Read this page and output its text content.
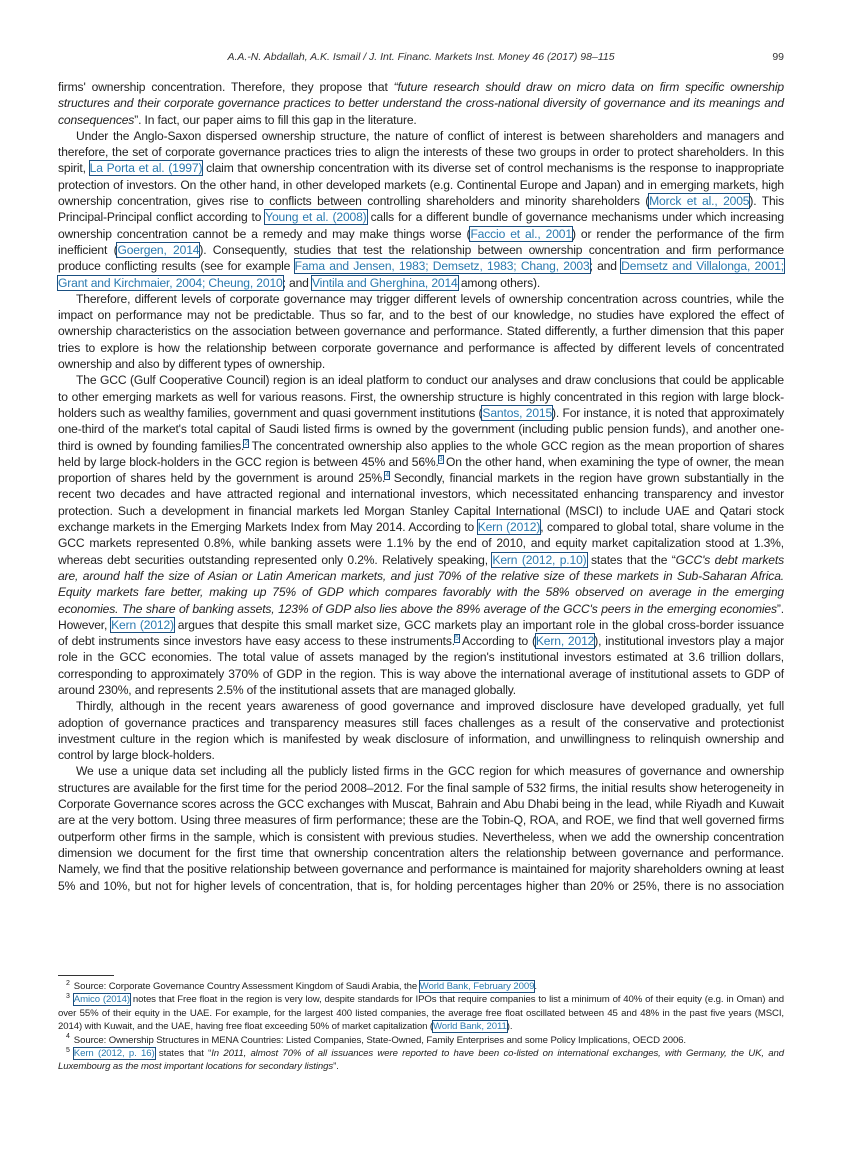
A.A.-N. Abdallah, A.K. Ismail / J. Int. Financ. Markets Inst. Money 46 (2017) 98–115	99

firms' ownership concentration. Therefore, they propose that “future research should draw on micro data on firm specific ownership structures and their corporate governance practices to better understand the cross-national diversity of governance and its meanings and consequences”. In fact, our paper aims to fill this gap in the literature.

Under the Anglo-Saxon dispersed ownership structure, the nature of conflict of interest is between shareholders and managers and therefore, the set of corporate governance practices tries to align the interests of these two groups in order to protect shareholders. In this spirit, La Porta et al. (1997) claim that ownership concentration with its diverse set of control mechanisms is the response to inappropriate protection of investors. On the other hand, in other developed markets (e.g. Continental Europe and Japan) and in emerging markets, high ownership concentration, gives rise to conflicts between controlling shareholders and minority shareholders (Morck et al., 2005). This Principal-Principal conflict according to Young et al. (2008) calls for a different bundle of governance mechanisms under which increasing ownership concentration cannot be a remedy and may make things worse (Faccio et al., 2001) or render the performance of the firm inefficient (Goergen, 2014). Consequently, studies that test the relationship between ownership concentration and firm performance produce conflicting results (see for example Fama and Jensen, 1983; Demsetz, 1983; Chang, 2003; and Demsetz and Villalonga, 2001; Grant and Kirchmaier, 2004; Cheung, 2010; and Vintila and Gherghina, 2014 among others).

Therefore, different levels of corporate governance may trigger different levels of ownership concentration across countries, while the impact on performance may not be predictable. Thus so far, and to the best of our knowledge, no studies have explored the effect of ownership characteristics on the association between governance and performance. Stated differently, a further dimension that this paper tries to explore is how the relationship between corporate governance and performance is affected by different levels of concentrated ownership and also by different types of ownership.

The GCC (Gulf Cooperative Council) region is an ideal platform to conduct our analyses and draw conclusions that could be applicable to other emerging markets as well for various reasons. First, the ownership structure is highly concentrated in this region with large block-holders such as wealthy families, government and quasi government institutions (Santos, 2015). For instance, it is noted that approximately one-third of the market's total capital of Saudi listed firms is owned by the government (including public pension funds), and another one-third is owned by founding families.$^2$ The concentrated ownership also applies to the whole GCC region as the mean proportion of shares held by large block-holders in the GCC region is between 45% and 56%.$^3$ On the other hand, when examining the type of owner, the mean proportion of shares held by the government is around 25%.$^4$ Secondly, financial markets in the region have grown substantially in the recent two decades and have attracted regional and international investors, which necessitated enhancing transparency and investor protection. Such a development in financial markets led Morgan Stanley Capital International (MSCI) to include UAE and Qatari stock exchange markets in the Emerging Markets Index from May 2014. According to Kern (2012), compared to global total, share volume in the GCC markets represented 0.8%, while banking assets were 1.1% by the end of 2010, and equity market capitalization stood at 1.3%, whereas debt securities outstanding represented only 0.2%. Relatively speaking, Kern (2012, p.10) states that the “GCC's debt markets are, around half the size of Asian or Latin American markets, and just 70% of the relative size of these markets in Sub-Saharan Africa. Equity markets fare better, making up 75% of GDP which compares favorably with the 58% observed on average in the emerging economies. The share of banking assets, 123% of GDP also lies above the 89% average of the GCC's peers in the emerging economies”. However, Kern (2012) argues that despite this small market size, GCC markets play an important role in the global cross-border issuance of debt instruments since investors have easy access to these instruments.$^5$ According to (Kern, 2012), institutional investors play a major role in the GCC economies. The total value of assets managed by the region's institutional investors estimated at 3.6 trillion dollars, corresponding to approximately 370% of GDP in the region. This is way above the international average of institutional assets to GDP of around 230%, and represents 2.5% of the institutional assets that are managed globally.

Thirdly, although in the recent years awareness of good governance and improved disclosure have developed gradually, yet full adoption of governance practices and transparency measures still faces challenges as a result of the conservative and protectionist investment culture in the region which is manifested by weak disclosure of information, and unwillingness to relinquish ownership and control by large block-holders.

We use a unique data set including all the publicly listed firms in the GCC region for which measures of governance and ownership structures are available for the first time for the period 2008–2012. For the final sample of 532 firms, the initial results show heterogeneity in Corporate Governance scores across the GCC exchanges with Muscat, Bahrain and Abu Dhabi being in the lead, while Riyadh and Kuwait are at the very bottom. Using three measures of firm performance; these are the Tobin-Q, ROA, and ROE, we find that well governed firms outperform other firms in the sample, which is consistent with previous studies. Nevertheless, when we add the ownership concentration dimension we document for the first time that ownership concentration alters the relationship between governance and performance. Namely, we find that the positive relationship between governance and performance is maintained for majority shareholders owning at least 5% and 10%, but not for higher levels of concentration, that is, for holding percentages higher than 20% or 25%, there is no association

$^2$ Source: Corporate Governance Country Assessment Kingdom of Saudi Arabia, the World Bank, February 2009.

$^3$ Amico (2014) notes that Free float in the region is very low, despite standards for IPOs that require companies to list a minimum of 40% of their equity (e.g. in Oman) and over 55% of their equity in the UAE. For example, for the largest 400 listed companies, the average free float oscillated between 45 and 48% in the past five years (MSCI, 2014) with Kuwait, and the UAE, having free float exceeding 50% of market capitalization (World Bank, 2011).

$^4$ Source: Ownership Structures in MENA Countries: Listed Companies, State-Owned, Family Enterprises and some Policy Implications, OECD 2006.

$^5$ Kern (2012, p. 16) states that “In 2011, almost 70% of all issuances were reported to have been co-listed on international exchanges, with Germany, the UK, and Luxembourg as the most important locations for secondary listings”.
